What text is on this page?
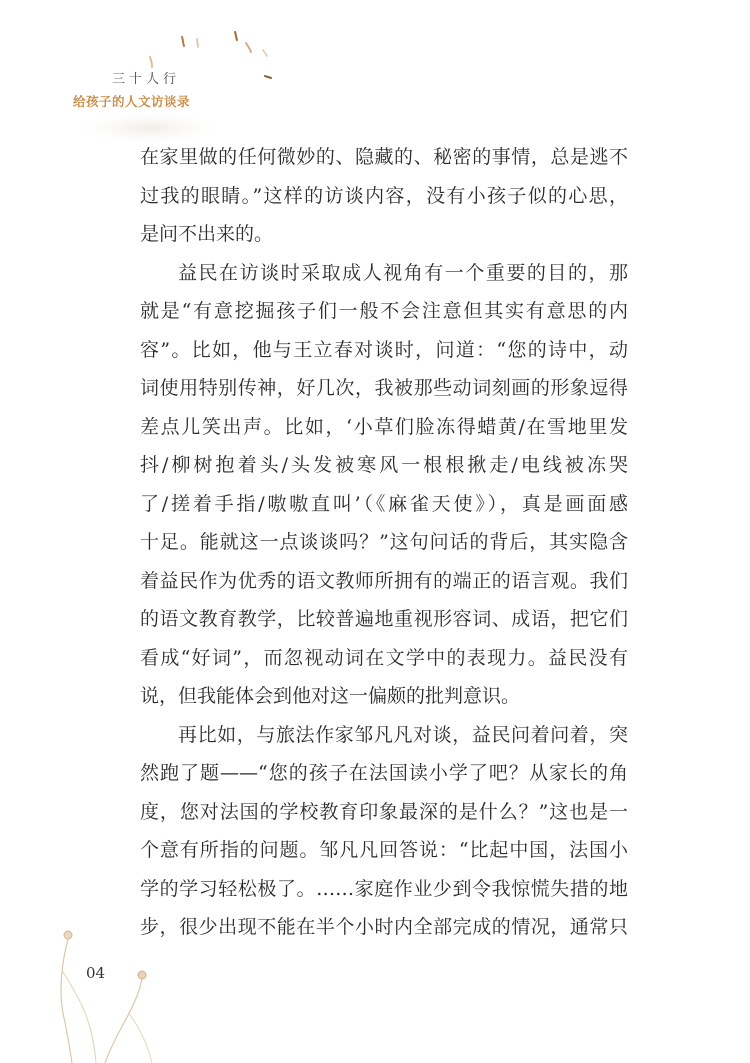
三十人行
给孩子的人文访谈录
在家里做的任何微妙的、隐藏的、秘密的事情，总是逃不
过我的眼睛。”这样的访谈内容，没有小孩子似的心思，
是问不出来的。
益民在访谈时采取成人视角有一个重要的目的，那
就是“有意挖掘孩子们一般不会注意但其实有意思的内
容”。比如，他与王立春对谈时，问道：“您的诗中，动
词使用特别传神，好几次，我被那些动词刻画的形象逗得
差点儿笑出声。比如，‘小草们脸冻得蜡黄/在雪地里发
抖/柳树抱着头/头发被寒风一根根揪走/电线被冻哭
了/搓着手指/嗷嗷直叫’（《麻雀天使》），真是画面感
十足。能就这一点谈谈吗？”这句问话的背后，其实隐含
着益民作为优秀的语文教师所拥有的端正的语言观。我们
的语文教育教学，比较普遍地重视形容词、成语，把它们
看成“好词”，而忽视动词在文学中的表现力。益民没有
说，但我能体会到他对这一偏颇的批判意识。
再比如，与旅法作家邹凡凡对谈，益民问着问着，突
然跑了题——“您的孩子在法国读小学了吧？从家长的角
度，您对法国的学校教育印象最深的是什么？”这也是一
个意有所指的问题。邹凡凡回答说：“比起中国，法国小
学的学习轻松极了。……家庭作业少到令我惊慌失措的地
步，很少出现不能在半个小时内全部完成的情况，通常只
04
